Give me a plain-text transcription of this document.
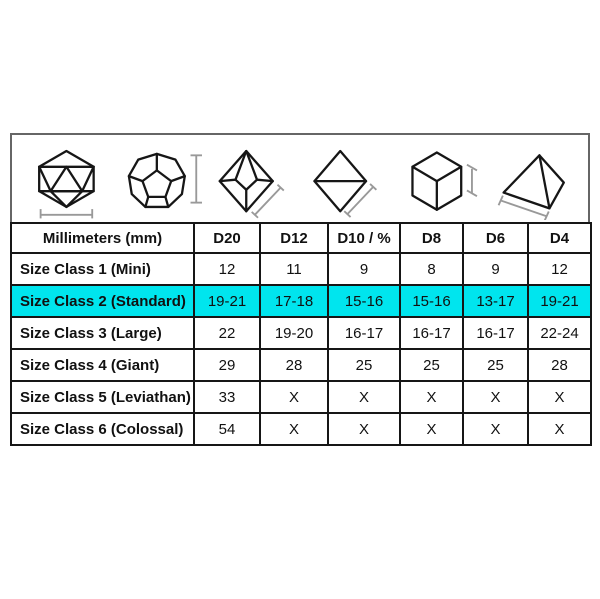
Millimeters (mm)	D20	D12	D10 / %	D8	D6	D4
Size Class 1 (Mini)	12	11	9	8	9	12
Size Class 2 (Standard)	19-21	17-18	15-16	15-16	13-17	19-21
Size Class 3 (Large)	22	19-20	16-17	16-17	16-17	22-24
Size Class 4 (Giant)	29	28	25	25	25	28
Size Class 5 (Leviathan)	33	X	X	X	X	X
Size Class 6 (Colossal)	54	X	X	X	X	X
